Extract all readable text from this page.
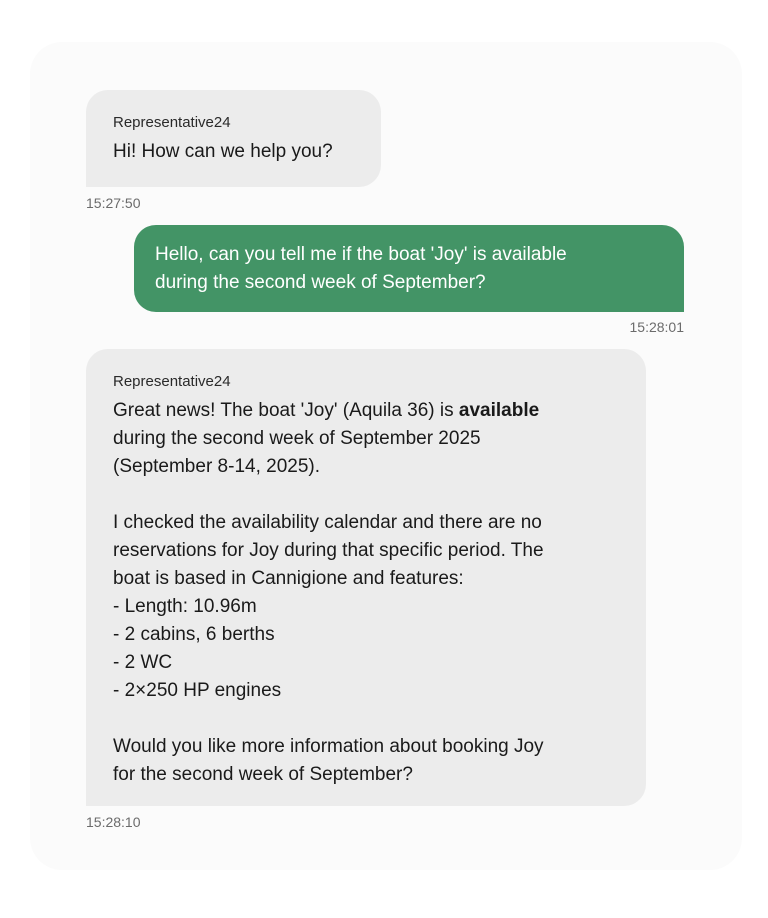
Representative24
Hi! How can we help you?
15:27:50
Hello, can you tell me if the boat 'Joy' is available
during the second week of September?
15:28:01
Representative24
Great news! The boat 'Joy' (Aquila 36) is available
during the second week of September 2025
(September 8-14, 2025).

I checked the availability calendar and there are no
reservations for Joy during that specific period. The
boat is based in Cannigione and features:
- Length: 10.96m
- 2 cabins, 6 berths
- 2 WC
- 2×250 HP engines

Would you like more information about booking Joy
for the second week of September?
15:28:10
